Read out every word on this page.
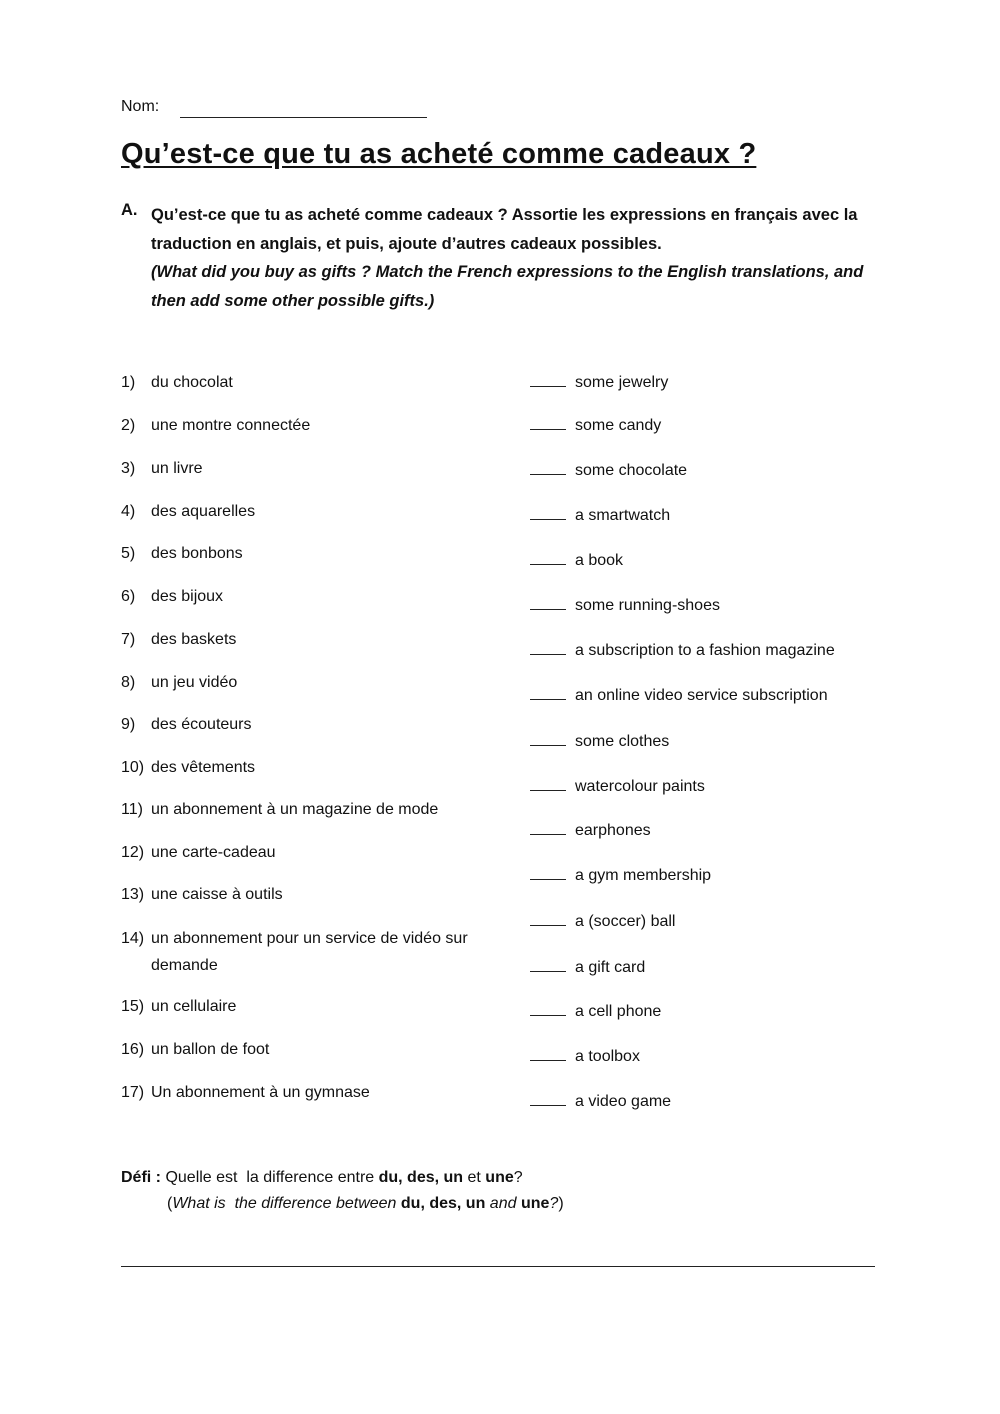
Nom:
Qu’est-ce que tu as acheté comme cadeaux ?
A. Qu’est-ce que tu as acheté comme cadeaux ? Assortie les expressions en français avec la traduction en anglais, et puis, ajoute d’autres cadeaux possibles.
(What did you buy as gifts ? Match the French expressions to the English translations, and then add some other possible gifts.)
1) du chocolat
2) une montre connectée
3) un livre
4) des aquarelles
5) des bonbons
6) des bijoux
7) des baskets
8) un jeu vidéo
9) des écouteurs
10) des vêtements
11) un abonnement à un magazine de mode
12) une carte-cadeau
13) une caisse à outils
14) un abonnement pour un service de vidéo sur demande
15) un cellulaire
16) un ballon de foot
17) Un abonnement à un gymnase
some jewelry
some candy
some chocolate
a smartwatch
a book
some running-shoes
a subscription to a fashion magazine
an online video service subscription
some clothes
watercolour paints
earphones
a gym membership
a (soccer) ball
a gift card
a cell phone
a toolbox
a video game
Défi : Quelle est  la difference entre du, des, un et une?
(What is  the difference between du, des, un and une?)
